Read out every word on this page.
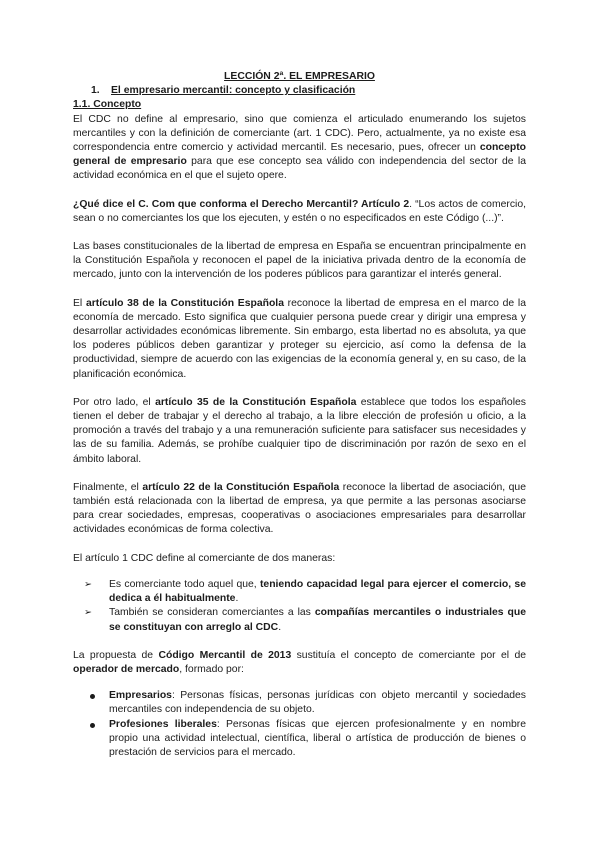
LECCIÓN 2ª. EL EMPRESARIO

1. El empresario mercantil: concepto y clasificación

1.1. Concepto

El CDC no define al empresario, sino que comienza el articulado enumerando los sujetos mercantiles y con la definición de comerciante (art. 1 CDC). Pero, actualmente, ya no existe esa correspondencia entre comercio y actividad mercantil. Es necesario, pues, ofrecer un concepto general de empresario para que ese concepto sea válido con independencia del sector de la actividad económica en el que el sujeto opere.

¿Qué dice el C. Com que conforma el Derecho Mercantil? Artículo 2. “Los actos de comercio, sean o no comerciantes los que los ejecuten, y estén o no especificados en este Código (...)”.

Las bases constitucionales de la libertad de empresa en España se encuentran principalmente en la Constitución Española y reconocen el papel de la iniciativa privada dentro de la economía de mercado, junto con la intervención de los poderes públicos para garantizar el interés general.

El artículo 38 de la Constitución Española reconoce la libertad de empresa en el marco de la economía de mercado. Esto significa que cualquier persona puede crear y dirigir una empresa y desarrollar actividades económicas libremente. Sin embargo, esta libertad no es absoluta, ya que los poderes públicos deben garantizar y proteger su ejercicio, así como la defensa de la productividad, siempre de acuerdo con las exigencias de la economía general y, en su caso, de la planificación económica.

Por otro lado, el artículo 35 de la Constitución Española establece que todos los españoles tienen el deber de trabajar y el derecho al trabajo, a la libre elección de profesión u oficio, a la promoción a través del trabajo y a una remuneración suficiente para satisfacer sus necesidades y las de su familia. Además, se prohíbe cualquier tipo de discriminación por razón de sexo en el ámbito laboral.

Finalmente, el artículo 22 de la Constitución Española reconoce la libertad de asociación, que también está relacionada con la libertad de empresa, ya que permite a las personas asociarse para crear sociedades, empresas, cooperativas o asociaciones empresariales para desarrollar actividades económicas de forma colectiva.

El artículo 1 CDC define al comerciante de dos maneras:

➢ Es comerciante todo aquel que, teniendo capacidad legal para ejercer el comercio, se dedica a él habitualmente.
➢ También se consideran comerciantes a las compañías mercantiles o industriales que se constituyan con arreglo al CDC.

La propuesta de Código Mercantil de 2013 sustituía el concepto de comerciante por el de operador de mercado, formado por:

Empresarios: Personas físicas, personas jurídicas con objeto mercantil y sociedades mercantiles con independencia de su objeto.
Profesiones liberales: Personas físicas que ejercen profesionalmente y en nombre propio una actividad intelectual, científica, liberal o artística de producción de bienes o prestación de servicios para el mercado.
